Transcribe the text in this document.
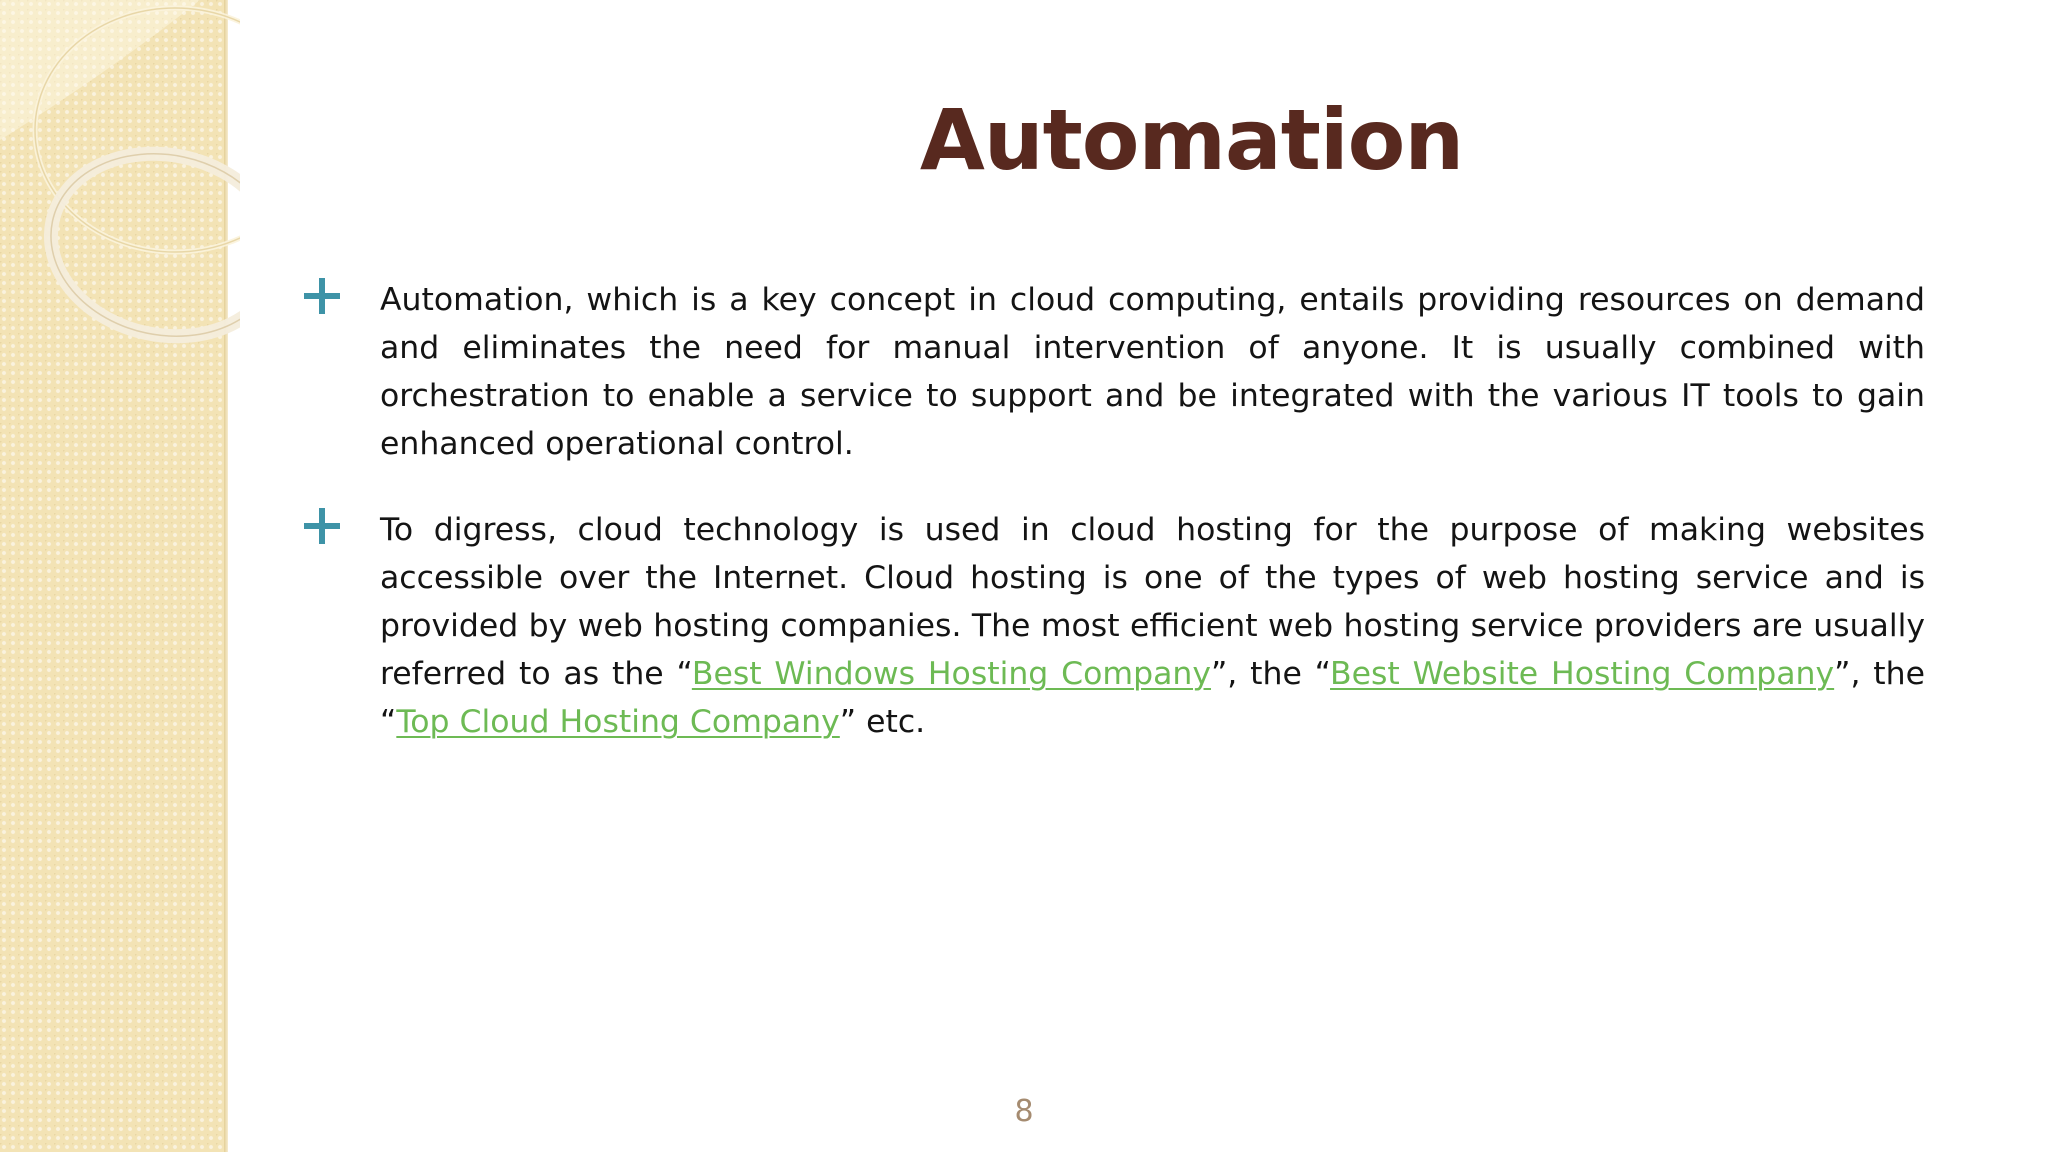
Automation
Automation, which is a key concept in cloud computing, entails providing resources on demand and eliminates the need for manual intervention of anyone. It is usually combined with orchestration to enable a service to support and be integrated with the various IT tools to gain enhanced operational control.
To digress, cloud technology is used in cloud hosting for the purpose of making websites accessible over the Internet. Cloud hosting is one of the types of web hosting service and is provided by web hosting companies. The most efficient web hosting service providers are usually referred to as the “Best Windows Hosting Company”, the “Best Website Hosting Company”, the “Top Cloud Hosting Company” etc.
8
